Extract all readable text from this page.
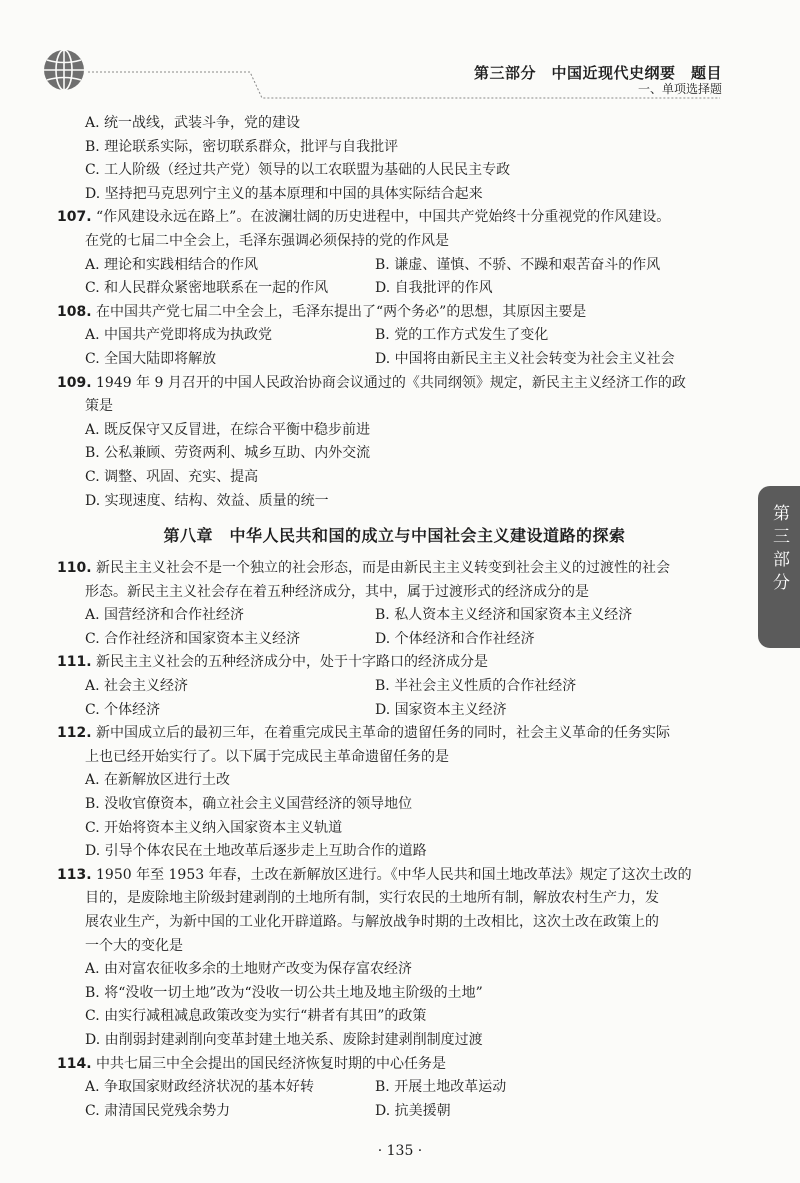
第三部分　中国近现代史纲要　题目
一、单项选择题
A. 统一战线，武装斗争，党的建设
B. 理论联系实际，密切联系群众，批评与自我批评
C. 工人阶级（经过共产党）领导的以工农联盟为基础的人民民主专政
D. 坚持把马克思列宁主义的基本原理和中国的具体实际结合起来
107. “作风建设永远在路上”。在波澜壮阔的历史进程中，中国共产党始终十分重视党的作风建设。
在党的七届二中全会上，毛泽东强调必须保持的党的作风是
A. 理论和实践相结合的作风	B. 谦虚、谨慎、不骄、不躁和艰苦奋斗的作风
C. 和人民群众紧密地联系在一起的作风	D. 自我批评的作风
108. 在中国共产党七届二中全会上，毛泽东提出了“两个务必”的思想，其原因主要是
A. 中国共产党即将成为执政党	B. 党的工作方式发生了变化
C. 全国大陆即将解放	D. 中国将由新民主主义社会转变为社会主义社会
109. 1949 年 9 月召开的中国人民政治协商会议通过的《共同纲领》规定，新民主主义经济工作的政
策是
A. 既反保守又反冒进，在综合平衡中稳步前进
B. 公私兼顾、劳资两利、城乡互助、内外交流
C. 调整、巩固、充实、提高
D. 实现速度、结构、效益、质量的统一
第八章　中华人民共和国的成立与中国社会主义建设道路的探索
110. 新民主主义社会不是一个独立的社会形态，而是由新民主主义转变到社会主义的过渡性的社会
形态。新民主主义社会存在着五种经济成分，其中，属于过渡形式的经济成分的是
A. 国营经济和合作社经济	B. 私人资本主义经济和国家资本主义经济
C. 合作社经济和国家资本主义经济	D. 个体经济和合作社经济
111. 新民主主义社会的五种经济成分中，处于十字路口的经济成分是
A. 社会主义经济	B. 半社会主义性质的合作社经济
C. 个体经济	D. 国家资本主义经济
112. 新中国成立后的最初三年，在着重完成民主革命的遗留任务的同时，社会主义革命的任务实际
上也已经开始实行了。以下属于完成民主革命遗留任务的是
A. 在新解放区进行土改
B. 没收官僚资本，确立社会主义国营经济的领导地位
C. 开始将资本主义纳入国家资本主义轨道
D. 引导个体农民在土地改革后逐步走上互助合作的道路
113. 1950 年至 1953 年春，土改在新解放区进行。《中华人民共和国土地改革法》规定了这次土改的
目的，是废除地主阶级封建剥削的土地所有制，实行农民的土地所有制，解放农村生产力，发
展农业生产，为新中国的工业化开辟道路。与解放战争时期的土改相比，这次土改在政策上的
一个大的变化是
A. 由对富农征收多余的土地财产改变为保存富农经济
B. 将“没收一切土地”改为“没收一切公共土地及地主阶级的土地”
C. 由实行减租减息政策改变为实行“耕者有其田”的政策
D. 由削弱封建剥削向变革封建土地关系、废除封建剥削制度过渡
114. 中共七届三中全会提出的国民经济恢复时期的中心任务是
A. 争取国家财政经济状况的基本好转	B. 开展土地改革运动
C. 肃清国民党残余势力	D. 抗美援朝
第三部分
· 135 ·
